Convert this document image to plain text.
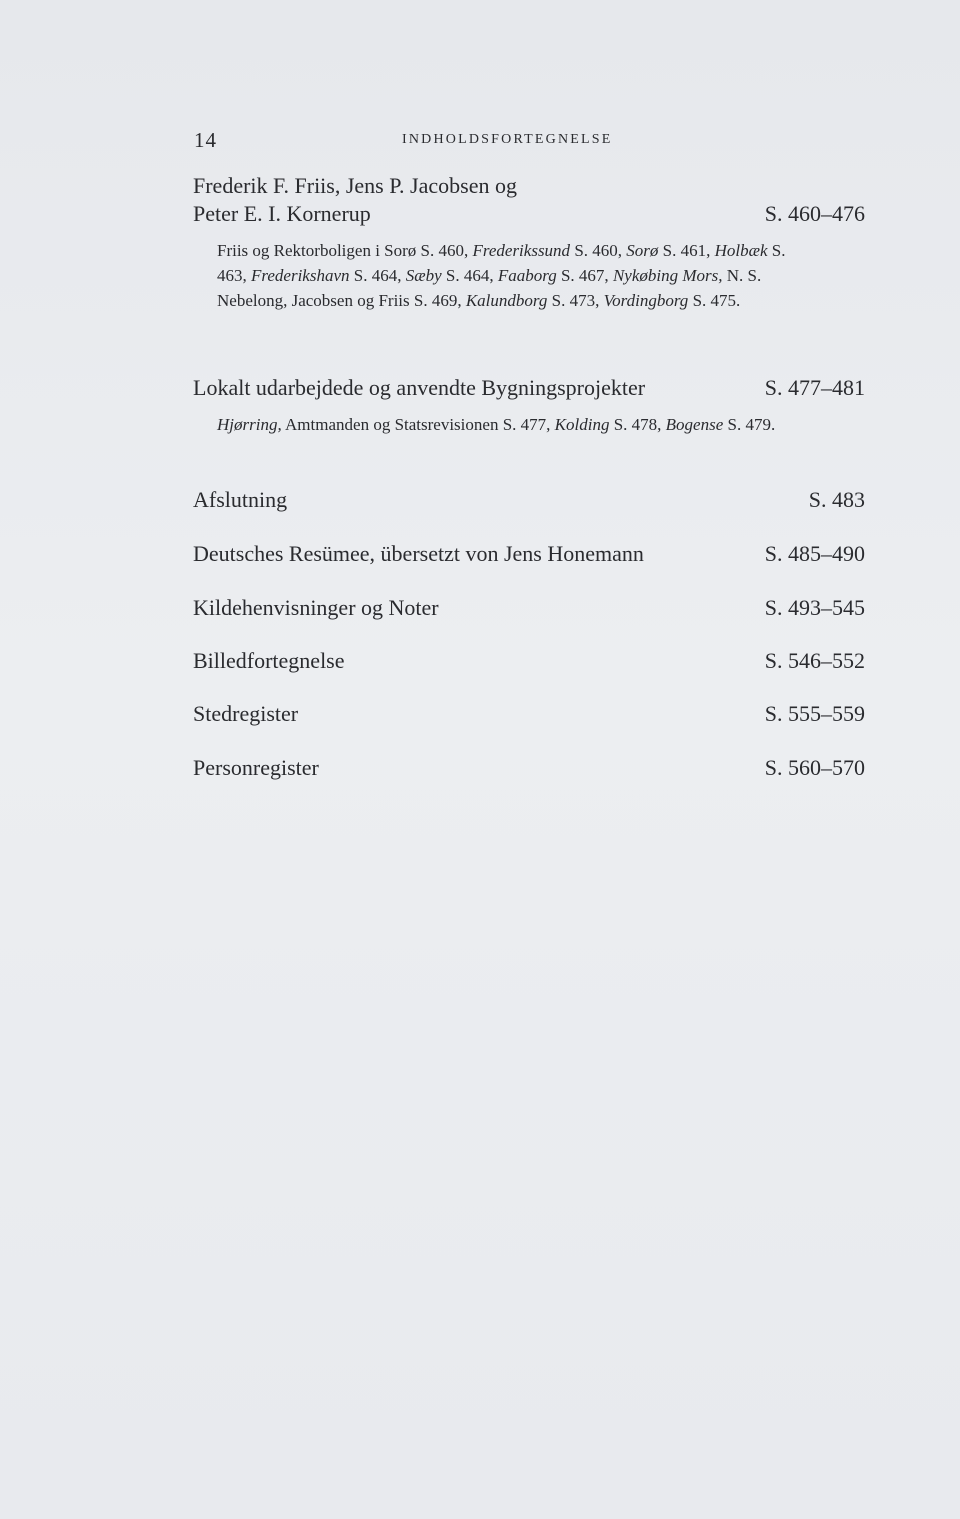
14	INDHOLDSFORTEGNELSE
Frederik F. Friis, Jens P. Jacobsen og
Peter E. I. Kornerup	S. 460–476
Friis og Rektorboligen i Sorø S. 460, Frederikssund S. 460, Sorø S. 461, Holbæk S. 463, Frederikshavn S. 464, Sæby S. 464, Faaborg S. 467, Nykøbing Mors, N. S. Nebelong, Jacobsen og Friis S. 469, Kalundborg S. 473, Vordingborg S. 475.
Lokalt udarbejdede og anvendte Bygningsprojekter	S. 477–481
Hjørring, Amtmanden og Statsrevisionen S. 477, Kolding S. 478, Bogense S. 479.
Afslutning	S. 483
Deutsches Resümee, übersetzt von Jens Honemann	S. 485–490
Kildehenvisninger og Noter	S. 493–545
Billedfortegnelse	S. 546–552
Stedregister	S. 555–559
Personregister	S. 560–570
